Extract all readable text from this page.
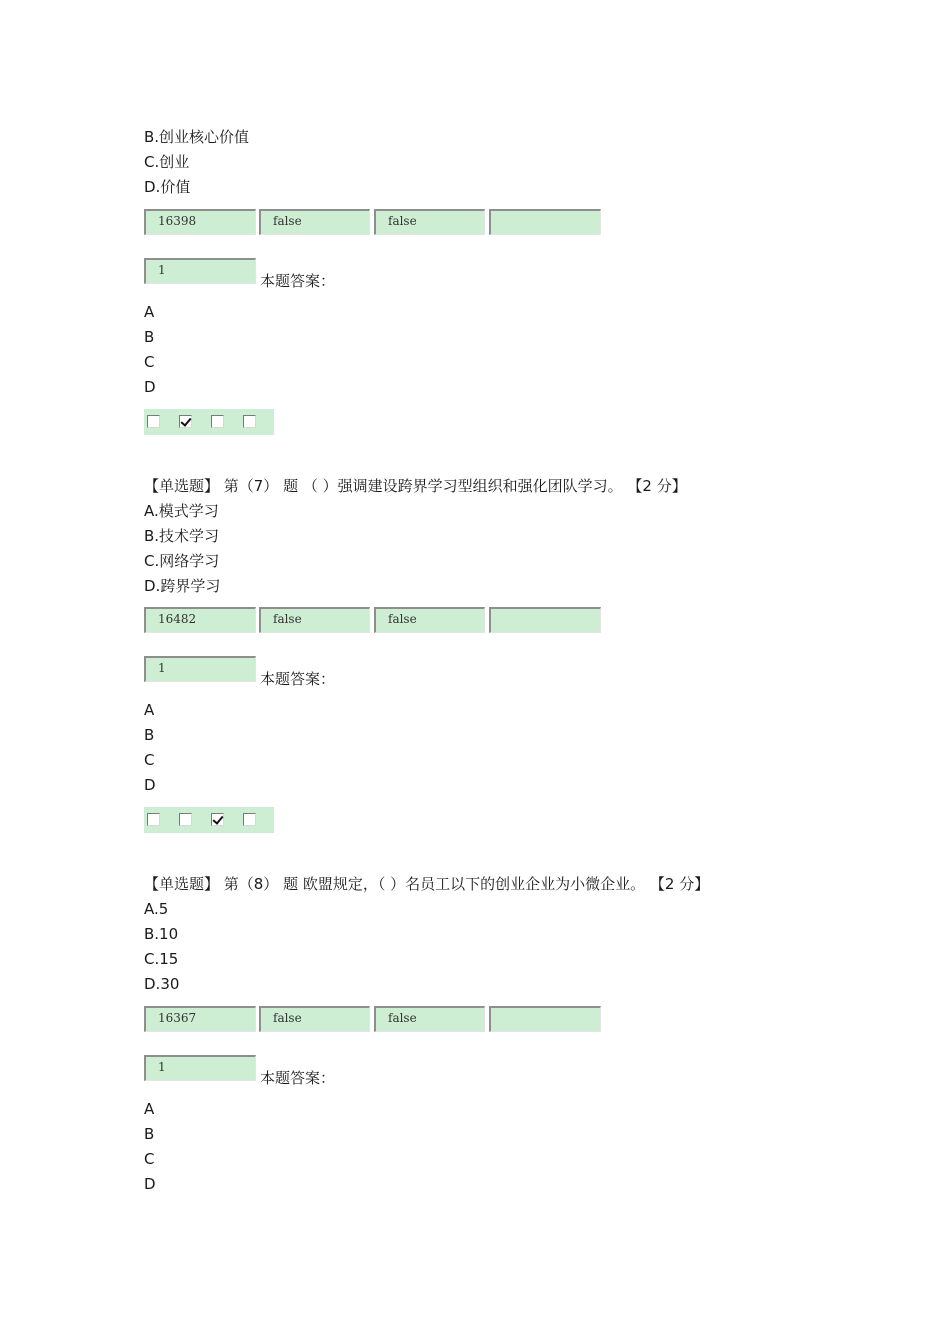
B.创业核心价值
C.创业
D.价值
16398	false	false
1
本题答案：
A
B
C
D
【单选题】 第（7） 题 （ ）强调建设跨界学习型组织和强化团队学习。 【2 分】
A.模式学习
B.技术学习
C.网络学习
D.跨界学习
16482	false	false
1
本题答案：
A
B
C
D
【单选题】 第（8） 题 欧盟规定，（ ）名员工以下的创业企业为小微企业。 【2 分】
A.5
B.10
C.15
D.30
16367	false	false
1
本题答案：
A
B
C
D
